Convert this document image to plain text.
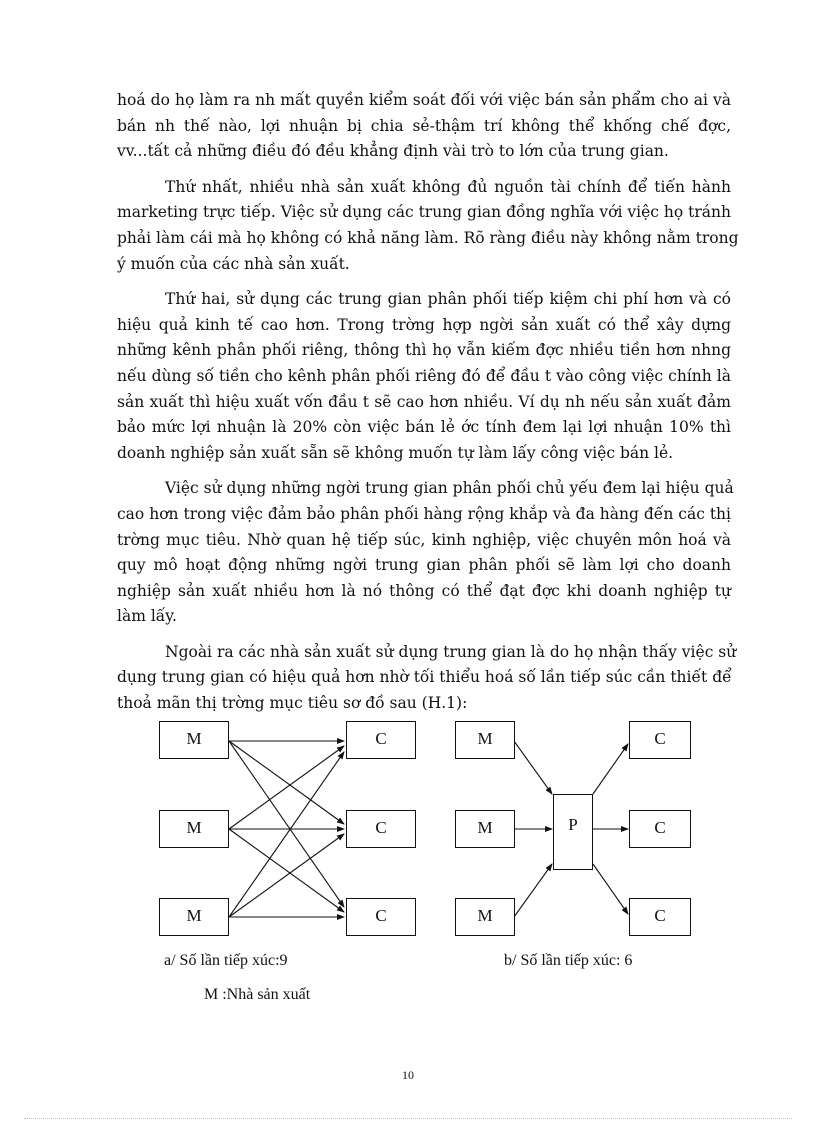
hoá do họ làm ra nh mất quyền kiểm soát đối với việc bán sản phẩm cho ai và
bán nh thế nào, lợi nhuận bị chia sẻ-thậm trí không thể khống chế đợc,
vv...tất cả những điều đó đều khẳng định vài trò to lớn của trung gian.

Thứ nhất, nhiều nhà sản xuất không đủ nguồn tài chính để tiến hành
marketing trực tiếp. Việc sử dụng các trung gian đồng nghĩa với việc họ tránh
phải làm cái mà họ không có khả năng làm. Rõ ràng điều này không nằm trong
ý muốn của các nhà sản xuất.

Thứ hai, sử dụng các trung gian phân phối tiếp kiệm chi phí hơn và có
hiệu quả kinh tế cao hơn. Trong trờng hợp ngời sản xuất có thể xây dựng
những kênh phân phối riêng, thông thì họ vẫn kiếm đợc nhiều tiền hơn nhng
nếu dùng số tiền cho kênh phân phối riêng đó để đầu t vào công việc chính là
sản xuất thì hiệu xuất vốn đầu t sẽ cao hơn nhiều. Ví dụ nh nếu sản xuất đảm
bảo mức lợi nhuận là 20% còn việc bán lẻ ớc tính đem lại lợi nhuận 10% thì
doanh nghiệp sản xuất sẵn sẽ không muốn tự làm lấy công việc bán lẻ.

Việc sử dụng những ngời trung gian phân phối chủ yếu đem lại hiệu quả
cao hơn trong việc đảm bảo phân phối hàng rộng khắp và đa hàng đến các thị
trờng mục tiêu. Nhờ quan hệ tiếp súc, kinh nghiệp, việc chuyên môn hoá và
quy mô hoạt động những ngời trung gian phân phối sẽ làm lợi cho doanh
nghiệp sản xuất nhiều hơn là nó thông có thể đạt đợc khi doanh nghiệp tự
làm lấy.

Ngoài ra các nhà sản xuất sử dụng trung gian là do họ nhận thấy việc sử
dụng trung gian có hiệu quả hơn nhờ tối thiểu hoá số lần tiếp súc cần thiết để
thoả mãn thị trờng mục tiêu sơ đồ sau (H.1):

M
M
M
C
C
C
M
M
M
P
C
C
C
a/ Số lần tiếp xúc:9	b/ Số lần tiếp xúc: 6
M :Nhà sản xuất
10
